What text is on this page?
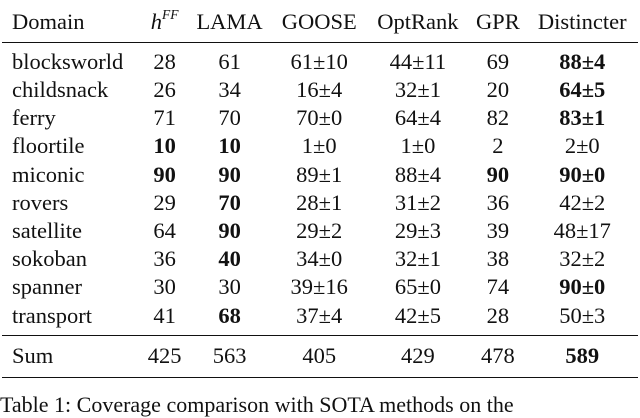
Domain	$h^{FF}$	LAMA	GOOSE	OptRank	GPR	Distincter
blocksworld	28	61	61±10	44±11	69	88±4
childsnack	26	34	16±4	32±1	20	64±5
ferry	71	70	70±0	64±4	82	83±1
floortile	10	10	1±0	1±0	2	2±0
miconic	90	90	89±1	88±4	90	90±0
rovers	29	70	28±1	31±2	36	42±2
satellite	64	90	29±2	29±3	39	48±17
sokoban	36	40	34±0	32±1	38	32±2
spanner	30	30	39±16	65±0	74	90±0
transport	41	68	37±4	42±5	28	50±3
Sum	425	563	405	429	478	589
Table 1: Coverage comparison with SOTA methods on the
